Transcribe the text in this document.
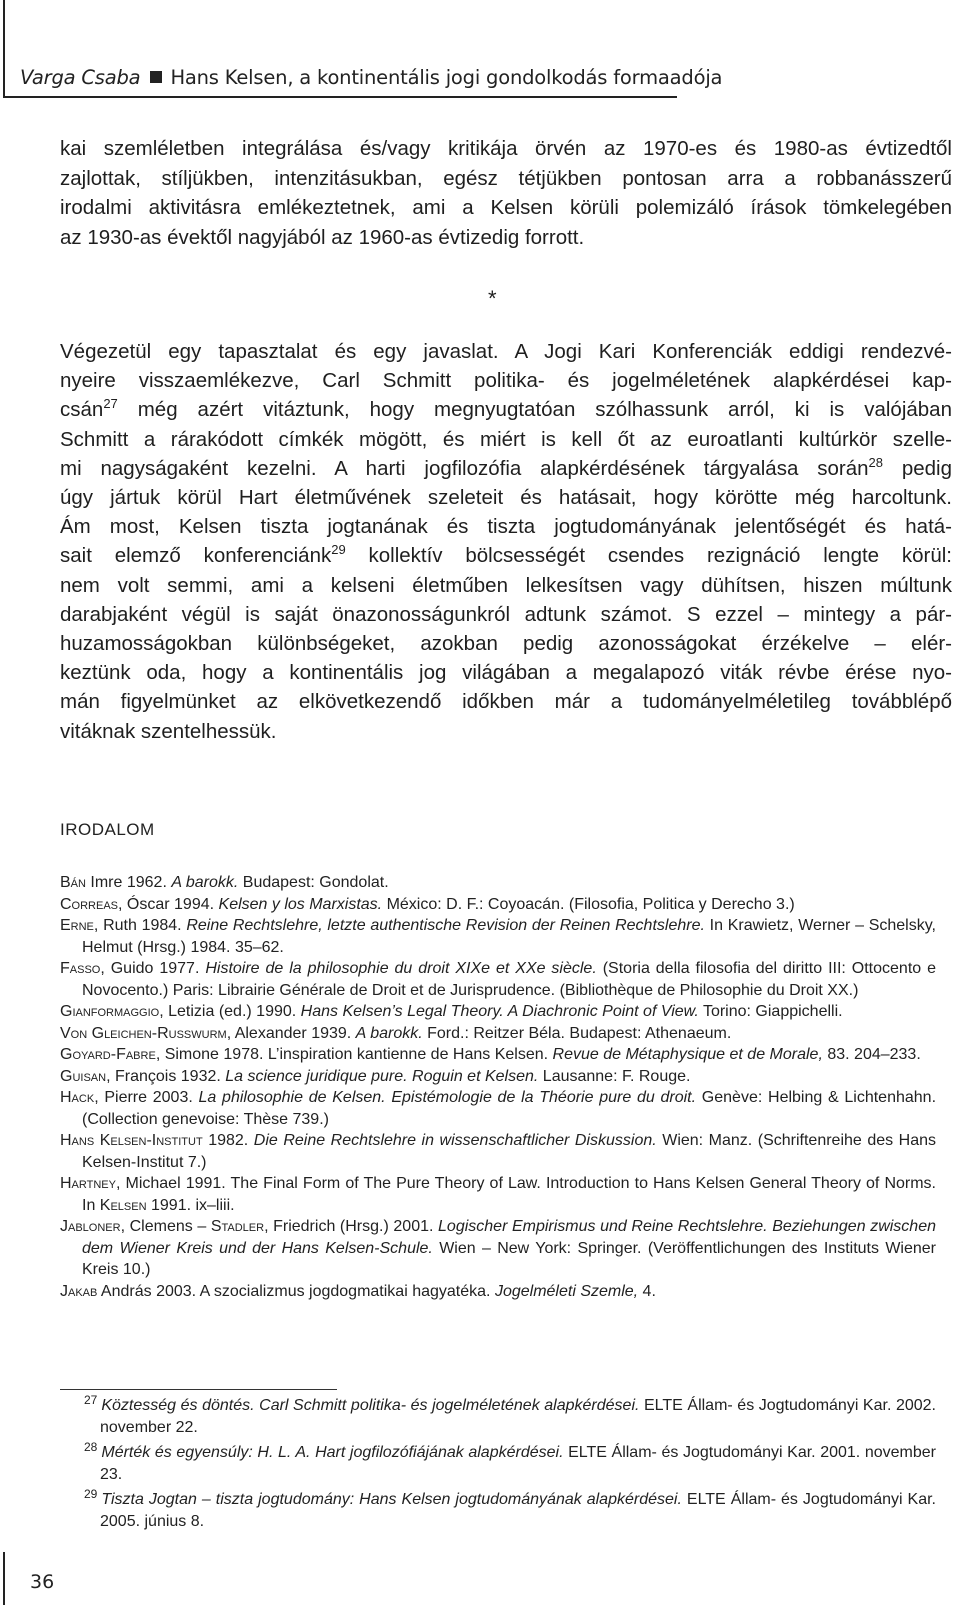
Varga Csaba Hans Kelsen, a kontinentális jogi gondolkodás formaadója
kai szemléletben integrálása és/vagy kritikája örvén az 1970-es és 1980-as évtizedtől
zajlottak, stíljükben, intenzitásukban, egész tétjükben pontosan arra a robbanásszerű
irodalmi aktivitásra emlékeztetnek, ami a Kelsen körüli polemizáló írások tömkelegében
az 1930-as évektől nagyjából az 1960-as évtizedig forrott.
*
Végezetül egy tapasztalat és egy javaslat. A Jogi Kari Konferenciák eddigi rendezvé-
nyeire visszaemlékezve, Carl Schmitt politika- és jogelméletének alapkérdései kap-
csán$^{27}$ még azért vitáztunk, hogy megnyugtatóan szólhassunk arról, ki is valójában
Schmitt a rárakódott címkék mögött, és miért is kell őt az euroatlanti kultúrkör szelle-
mi nagyságaként kezelni. A harti jogfilozófia alapkérdésének tárgyalása során$^{28}$ pedig
úgy jártuk körül Hart életművének szeleteit és hatásait, hogy körötte még harcoltunk.
Ám most, Kelsen tiszta jogtanának és tiszta jogtudományának jelentőségét és hatá-
sait elemző konferenciánk$^{29}$ kollektív bölcsességét csendes rezignáció lengte körül:
nem volt semmi, ami a kelseni életműben lelkesítsen vagy dühítsen, hiszen múltunk
darabjaként végül is saját önazonosságunkról adtunk számot. S ezzel – mintegy a pár-
huzamosságokban különbségeket, azokban pedig azonosságokat érzékelve – elér-
keztünk oda, hogy a kontinentális jog világában a megalapozó viták révbe érése nyo-
mán figyelmünket az elkövetkezendő időkben már a tudományelméletileg továbblépő
vitáknak szentelhessük.
IRODALOM
Bán Imre 1962. A barokk. Budapest: Gondolat.
Correas, Óscar 1994. Kelsen y los Marxistas. México: D. F.: Coyoacán. (Filosofia, Politica y Derecho 3.)
Erne, Ruth 1984. Reine Rechtslehre, letzte authentische Revision der Reinen Rechtslehre. In Krawietz, Werner – Schelsky, Helmut (Hrsg.) 1984. 35–62.
Fasso, Guido 1977. Histoire de la philosophie du droit XIXe et XXe siècle. (Storia della filosofia del diritto III: Ottocento e Novocento.) Paris: Librairie Générale de Droit et de Jurisprudence. (Bibliothèque de Philosophie du Droit XX.)
Gianformaggio, Letizia (ed.) 1990. Hans Kelsen’s Legal Theory. A Diachronic Point of View. Torino: Giappichelli.
Von Gleichen-Russwurm, Alexander 1939. A barokk. Ford.: Reitzer Béla. Budapest: Athenaeum.
Goyard-Fabre, Simone 1978. L’inspiration kantienne de Hans Kelsen. Revue de Métaphysique et de Morale, 83. 204–233.
Guisan, François 1932. La science juridique pure. Roguin et Kelsen. Lausanne: F. Rouge.
Hack, Pierre 2003. La philosophie de Kelsen. Epistémologie de la Théorie pure du droit. Genève: Helbing & Lichtenhahn. (Collection genevoise: Thèse 739.)
Hans Kelsen-Institut 1982. Die Reine Rechtslehre in wissenschaftlicher Diskussion. Wien: Manz. (Schriftenreihe des Hans Kelsen-Institut 7.)
Hartney, Michael 1991. The Final Form of The Pure Theory of Law. Introduction to Hans Kelsen General Theory of Norms. In Kelsen 1991. ix–liii.
Jabloner, Clemens – Stadler, Friedrich (Hrsg.) 2001. Logischer Empirismus und Reine Rechtslehre. Beziehungen zwischen dem Wiener Kreis und der Hans Kelsen-Schule. Wien – New York: Springer. (Veröffentlichungen des Instituts Wiener Kreis 10.)
Jakab András 2003. A szocializmus jogdogmatikai hagyatéka. Jogelméleti Szemle, 4.
$^{27}$ Köztesség és döntés. Carl Schmitt politika- és jogelméletének alapkérdései. ELTE Állam- és Jogtudományi Kar. 2002. november 22.
$^{28}$ Mérték és egyensúly: H. L. A. Hart jogfilozófiájának alapkérdései. ELTE Állam- és Jogtudományi Kar. 2001. november 23.
$^{29}$ Tiszta Jogtan – tiszta jogtudomány: Hans Kelsen jogtudományának alapkérdései. ELTE Állam- és Jogtudományi Kar. 2005. június 8.
36
